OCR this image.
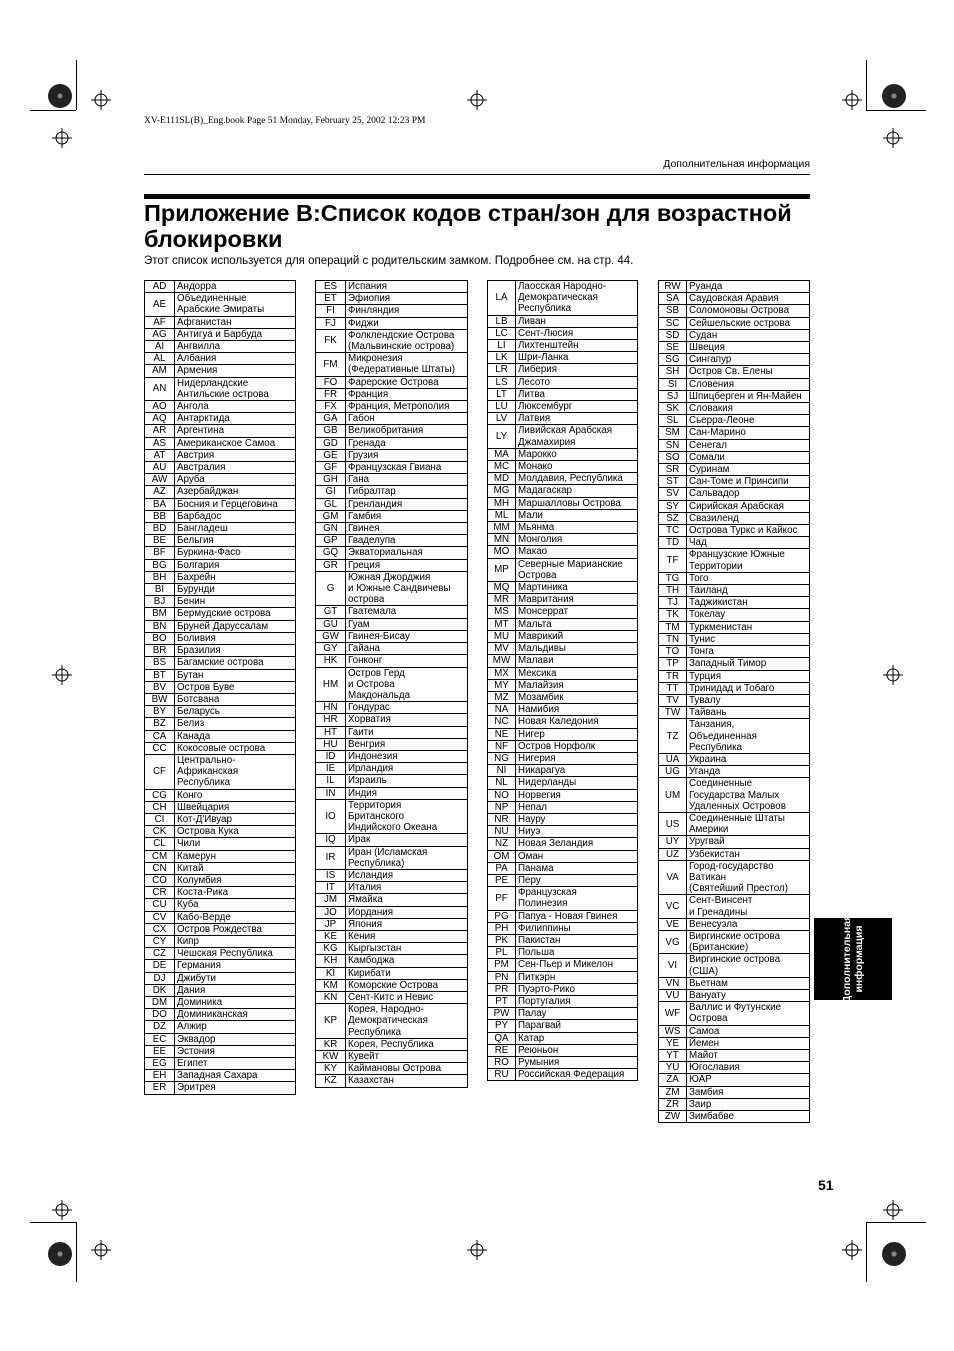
XV-E111SL(B)_Eng.book Page 51 Monday, February 25, 2002 12:23 PM
Дополнительная информация
Приложение B:Список кодов стран/зон для возрастной блокировки
Этот список используется для операций с родительским замком. Подробнее см. на стр. 44.
AD	Андорра
AE	Объединенные
Арабские Эмираты
AF	Афганистан
AG	Антигуа и Барбуда
AI	Ангвилла
AL	Албания
AM	Армения
AN	Нидерландские
Антильские острова
AO	Ангола
AQ	Антарктида
AR	Аргентина
AS	Американское Самоа
AT	Австрия
AU	Австралия
AW	Аруба
AZ	Азербайджан
BA	Босния и Герцеговина
BB	Барбадос
BD	Бангладеш
BE	Бельгия
BF	Буркина-Фасо
BG	Болгария
BH	Бахрейн
BI	Бурунди
BJ	Бенин
BM	Бермудские острова
BN	Бруней Даруссалам
BO	Боливия
BR	Бразилия
BS	Багамские острова
BT	Бутан
BV	Остров Буве
BW	Ботсвана
BY	Беларусь
BZ	Белиз
CA	Канада
CC	Кокосовые острова
CF	Центрально-
Африканская
Республика
CG	Конго
CH	Швейцария
CI	Кот-Д'Ивуар
CK	Острова Кука
CL	Чили
CM	Камерун
CN	Китай
CO	Колумбия
CR	Коста-Рика
CU	Куба
CV	Кабо-Верде
CX	Остров Рождества
CY	Кипр
CZ	Чешская Республика
DE	Германия
DJ	Джибути
DK	Дания
DM	Доминика
DO	Доминиканская
DZ	Алжир
EC	Эквадор
EE	Эстония
EG	Египет
EH	Западная Сахара
ER	Эритрея
ES	Испания
ET	Эфиопия
FI	Финляндия
FJ	Фиджи
FK	Фолклендские Острова
(Мальвинские острова)
FM	Микронезия
(Федеративные Штаты)
FO	Фарерские Острова
FR	Франция
FX	Франция, Метрополия
GA	Габон
GB	Великобритания
GD	Гренада
GE	Грузия
GF	Французская Гвиана
GH	Гана
GI	Гибралтар
GL	Гренландия
GM	Гамбия
GN	Гвинея
GP	Гваделупа
GQ	Экваториальная
GR	Греция
G	Южная Джорджия
и Южные Сандвичевы
острова
GT	Гватемала
GU	Гуам
GW	Гвинея-Бисау
GY	Гайана
HK	Гонконг
HM	Остров Герд
и Острова
Макдональда
HN	Гондурас
HR	Хорватия
HT	Гаити
HU	Венгрия
ID	Индонезия
IE	Ирландия
IL	Израиль
IN	Индия
IO	Территория
Британского
Индийского Океана
IQ	Ирак
IR	Иран (Исламская
Республика)
IS	Исландия
IT	Италия
JM	Ямайка
JO	Иордания
JP	Япония
KE	Кения
KG	Кыргызстан
KH	Камбоджа
KI	Кирибати
KM	Коморские Острова
KN	Сент-Китс и Невис
KP	Корея, Народно-
Демократическая
Республика
KR	Корея, Республика
KW	Кувейт
KY	Каймановы Острова
KZ	Казахстан
LA	Лаосская Народно-
Демократическая
Республика
LB	Ливан
LC	Сент-Люсия
LI	Лихтенштейн
LK	Шри-Ланка
LR	Либерия
LS	Лесото
LT	Литва
LU	Люксембург
LV	Латвия
LY	Ливийская Арабская
Джамахирия
MA	Марокко
MC	Монако
MD	Молдавия, Республика
MG	Мадагаскар
MH	Маршалловы Острова
ML	Мали
MM	Мьянма
MN	Монголия
MO	Макао
MP	Северные Марианские
Острова
MQ	Мартиника
MR	Мавритания
MS	Монсеррат
MT	Мальта
MU	Маврикий
MV	Мальдивы
MW	Малави
MX	Мексика
MY	Малайзия
MZ	Мозамбик
NA	Намибия
NC	Новая Каледония
NE	Нигер
NF	Остров Норфолк
NG	Нигерия
NI	Никарагуа
NL	Нидерланды
NO	Норвегия
NP	Непал
NR	Науру
NU	Ниуэ
NZ	Новая Зеландия
OM	Оман
PA	Панама
PE	Перу
PF	Французская
Полинезия
PG	Папуа - Новая Гвинея
PH	Филиппины
PK	Пакистан
PL	Польша
PM	Сен-Пьер и Микелон
PN	Питкэрн
PR	Пуэрто-Рико
PT	Португалия
PW	Палау
PY	Парагвай
QA	Катар
RE	Реюньон
RO	Румыния
RU	Российская Федерация
RW	Руанда
SA	Саудовская Аравия
SB	Соломоновы Острова
SC	Сейшельские острова
SD	Судан
SE	Швеция
SG	Сингапур
SH	Остров Св. Елены
SI	Словения
SJ	Шпицберген и Ян-Майен
SK	Словакия
SL	Сьерра-Леоне
SM	Сан-Марино
SN	Сенегал
SO	Сомали
SR	Суринам
ST	Сан-Томе и Принсипи
SV	Сальвадор
SY	Сирийская Арабская
SZ	Свазиленд
TC	Острова Туркс и Кайкос
TD	Чад
TF	Французские Южные
Территории
TG	Того
TH	Таиланд
TJ	Таджикистан
TK	Токелау
TM	Туркменистан
TN	Тунис
TO	Тонга
TP	Западный Тимор
TR	Турция
TT	Тринидад и Тобаго
TV	Тувалу
TW	Тайвань
TZ	Танзания,
Объединенная
Республика
UA	Украина
UG	Уганда
UM	Соединенные
Государства Малых
Удаленных Островов
US	Соединенные Штаты
Америки
UY	Уругвай
UZ	Узбекистан
VA	Город-государство
Ватикан
(Святейший Престол)
VC	Сент-Винсент
и Гренадины
VE	Венесуэла
VG	Виргинские острова
(Британские)
VI	Виргинские острова
(США)
VN	Вьетнам
VU	Вануату
WF	Валлис и Футунские
Острова
WS	Самоа
YE	Йемен
YT	Майот
YU	Югославия
ZA	ЮАР
ZM	Замбия
ZR	Заир
ZW	Зимбабве
Дополнительная
информация
51
